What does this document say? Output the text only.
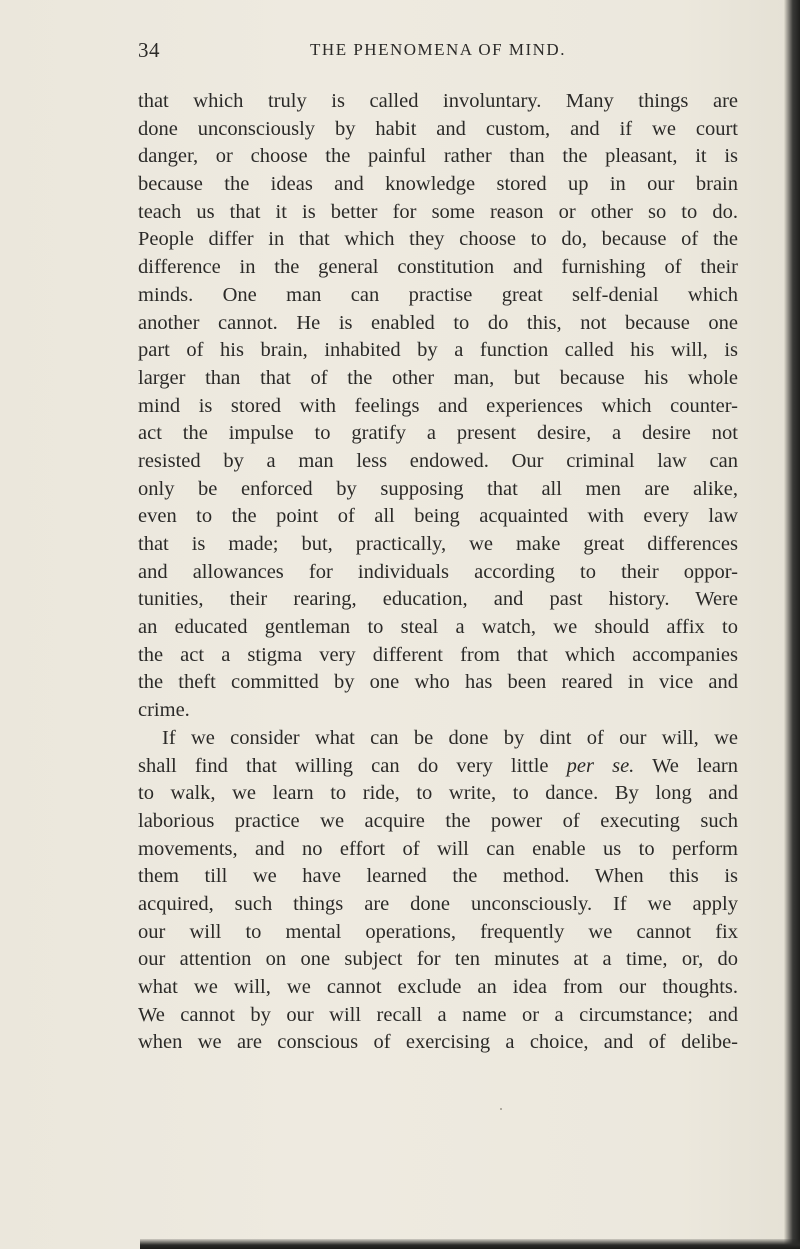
34	THE PHENOMENA OF MIND.
that which truly is called involuntary. Many things are
done unconsciously by habit and custom, and if we court
danger, or choose the painful rather than the pleasant, it is
because the ideas and knowledge stored up in our brain
teach us that it is better for some reason or other so to do.
People differ in that which they choose to do, because of the
difference in the general constitution and furnishing of their
minds. One man can practise great self-denial which
another cannot. He is enabled to do this, not because one
part of his brain, inhabited by a function called his will, is
larger than that of the other man, but because his whole
mind is stored with feelings and experiences which counter-
act the impulse to gratify a present desire, a desire not
resisted by a man less endowed. Our criminal law can
only be enforced by supposing that all men are alike,
even to the point of all being acquainted with every law
that is made; but, practically, we make great differences
and allowances for individuals according to their oppor-
tunities, their rearing, education, and past history. Were
an educated gentleman to steal a watch, we should affix to
the act a stigma very different from that which accompanies
the theft committed by one who has been reared in vice and
crime.
If we consider what can be done by dint of our will, we
shall find that willing can do very little per se. We learn
to walk, we learn to ride, to write, to dance. By long and
laborious practice we acquire the power of executing such
movements, and no effort of will can enable us to perform
them till we have learned the method. When this is
acquired, such things are done unconsciously. If we apply
our will to mental operations, frequently we cannot fix
our attention on one subject for ten minutes at a time, or, do
what we will, we cannot exclude an idea from our thoughts.
We cannot by our will recall a name or a circumstance; and
when we are conscious of exercising a choice, and of delibe-
